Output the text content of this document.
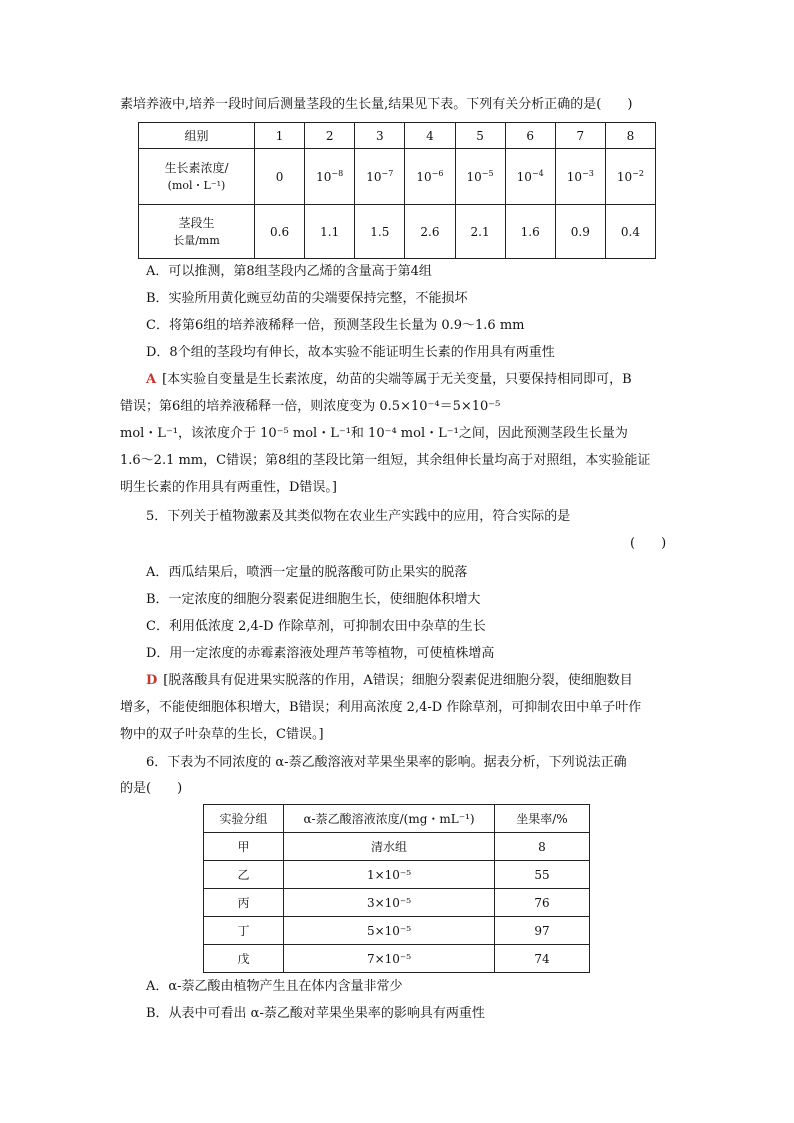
素培养液中,培养一段时间后测量茎段的生长量,结果见下表。下列有关分析正确的是(　　)
组别	1	2	3	4	5	6	7	8

生长素浓度/
(mol・L⁻¹)	0	$10^{-8}$	$10^{-7}$	$10^{-6}$	$10^{-5}$	$10^{-4}$	$10^{-3}$	$10^{-2}$

茎段生
长量/mm	0.6	1.1	1.5	2.6	2.1	1.6	0.9	0.4
A．可以推测，第8组茎段内乙烯的含量高于第4组
B．实验所用黄化豌豆幼苗的尖端要保持完整，不能损坏
C．将第6组的培养液稀释一倍，预测茎段生长量为 0.9～1.6 mm
D．8个组的茎段均有伸长，故本实验不能证明生长素的作用具有两重性
A [本实验自变量是生长素浓度，幼苗的尖端等属于无关变量，只要保持相同即可，B
错误；第6组的培养液稀释一倍，则浓度变为 0.5×10⁻⁴＝5×10⁻⁵
mol・L⁻¹，该浓度介于 10⁻⁵ mol・L⁻¹和 10⁻⁴ mol・L⁻¹之间，因此预测茎段生长量为
1.6～2.1 mm，C错误；第8组的茎段比第一组短，其余组伸长量均高于对照组，本实验能证
明生长素的作用具有两重性，D错误。]
5．下列关于植物激素及其类似物在农业生产实践中的应用，符合实际的是
(　　)
A．西瓜结果后，喷洒一定量的脱落酸可防止果实的脱落
B．一定浓度的细胞分裂素促进细胞生长，使细胞体积增大
C．利用低浓度 2,4-D 作除草剂，可抑制农田中杂草的生长
D．用一定浓度的赤霉素溶液处理芦苇等植物，可使植株增高
D [脱落酸具有促进果实脱落的作用，A错误；细胞分裂素促进细胞分裂，使细胞数目
增多，不能使细胞体积增大，B错误；利用高浓度 2,4-D 作除草剂，可抑制农田中单子叶作
物中的双子叶杂草的生长，C错误。]
6．下表为不同浓度的 α-萘乙酸溶液对苹果坐果率的影响。据表分析，下列说法正确
的是(　　)
实验分组	α-萘乙酸溶液浓度/(mg・mL⁻¹)	坐果率/%
甲	清水组	8
乙	1×10⁻⁵	55
丙	3×10⁻⁵	76
丁	5×10⁻⁵	97
戊	7×10⁻⁵	74
A．α-萘乙酸由植物产生且在体内含量非常少
B．从表中可看出 α-萘乙酸对苹果坐果率的影响具有两重性
